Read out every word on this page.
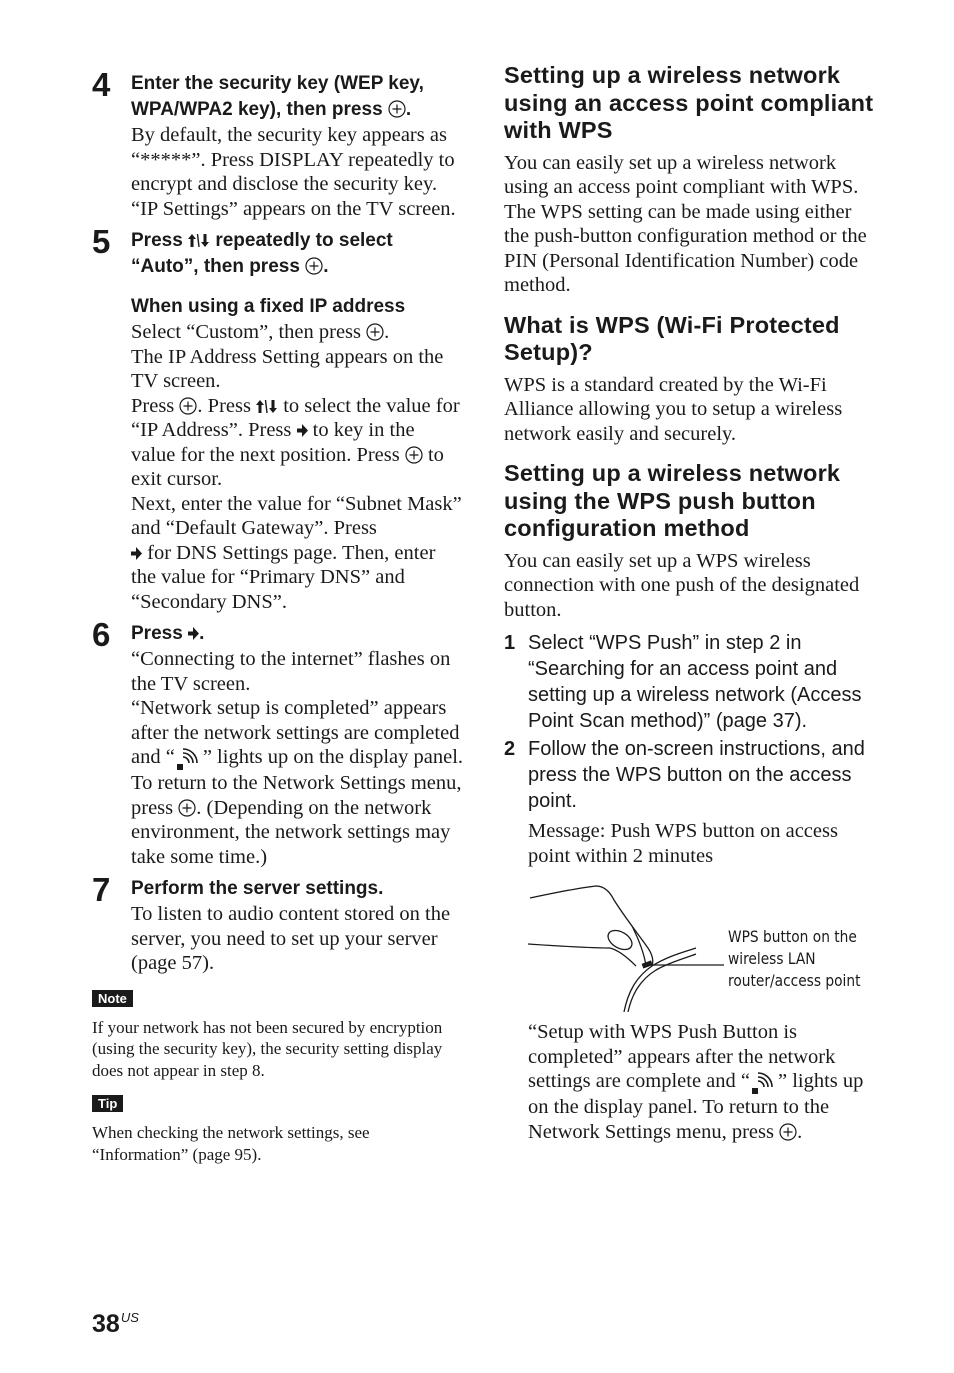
4 Enter the security key (WEP key, WPA/WPA2 key), then press .

By default, the security key appears as “*****”. Press DISPLAY repeatedly to encrypt and disclose the security key.

“IP Settings” appears on the TV screen.

5 Press repeatedly to select “Auto”, then press .

When using a fixed IP address

Select “Custom”, then press .

The IP Address Setting appears on the TV screen.

Press . Press to select the value for “IP Address”. Press to key in the value for the next position. Press to exit cursor.

Next, enter the value for “Subnet Mask” and “Default Gateway”. Press
for DNS Settings page. Then, enter the value for “Primary DNS” and “Secondary DNS”.

6 Press .

“Connecting to the internet” flashes on the TV screen.

“Network setup is completed” appears after the network settings are completed and “ ” lights up on the display panel. To return to the Network Settings menu, press . (Depending on the network environment, the network settings may take some time.)

7 Perform the server settings.

To listen to audio content stored on the server, you need to set up your server (page 57).

Note

If your network has not been secured by encryption (using the security key), the security setting display does not appear in step 8.

Tip

When checking the network settings, see “Information” (page 95).

Setting up a wireless network using an access point compliant with WPS

You can easily set up a wireless network using an access point compliant with WPS. The WPS setting can be made using either the push-button configuration method or the PIN (Personal Identification Number) code method.

What is WPS (Wi-Fi Protected Setup)?

WPS is a standard created by the Wi-Fi Alliance allowing you to setup a wireless network easily and securely.

Setting up a wireless network using the WPS push button configuration method

You can easily set up a WPS wireless connection with one push of the designated button.

1 Select “WPS Push” in step 2 in “Searching for an access point and setting up a wireless network (Access Point Scan method)” (page 37).

2 Follow the on-screen instructions, and press the WPS button on the access point.

Message: Push WPS button on access point within 2 minutes

WPS button on the wireless LAN router/access point

“Setup with WPS Push Button is completed” appears after the network settings are complete and “ ” lights up on the display panel. To return to the Network Settings menu, press .

$38^{US}$
